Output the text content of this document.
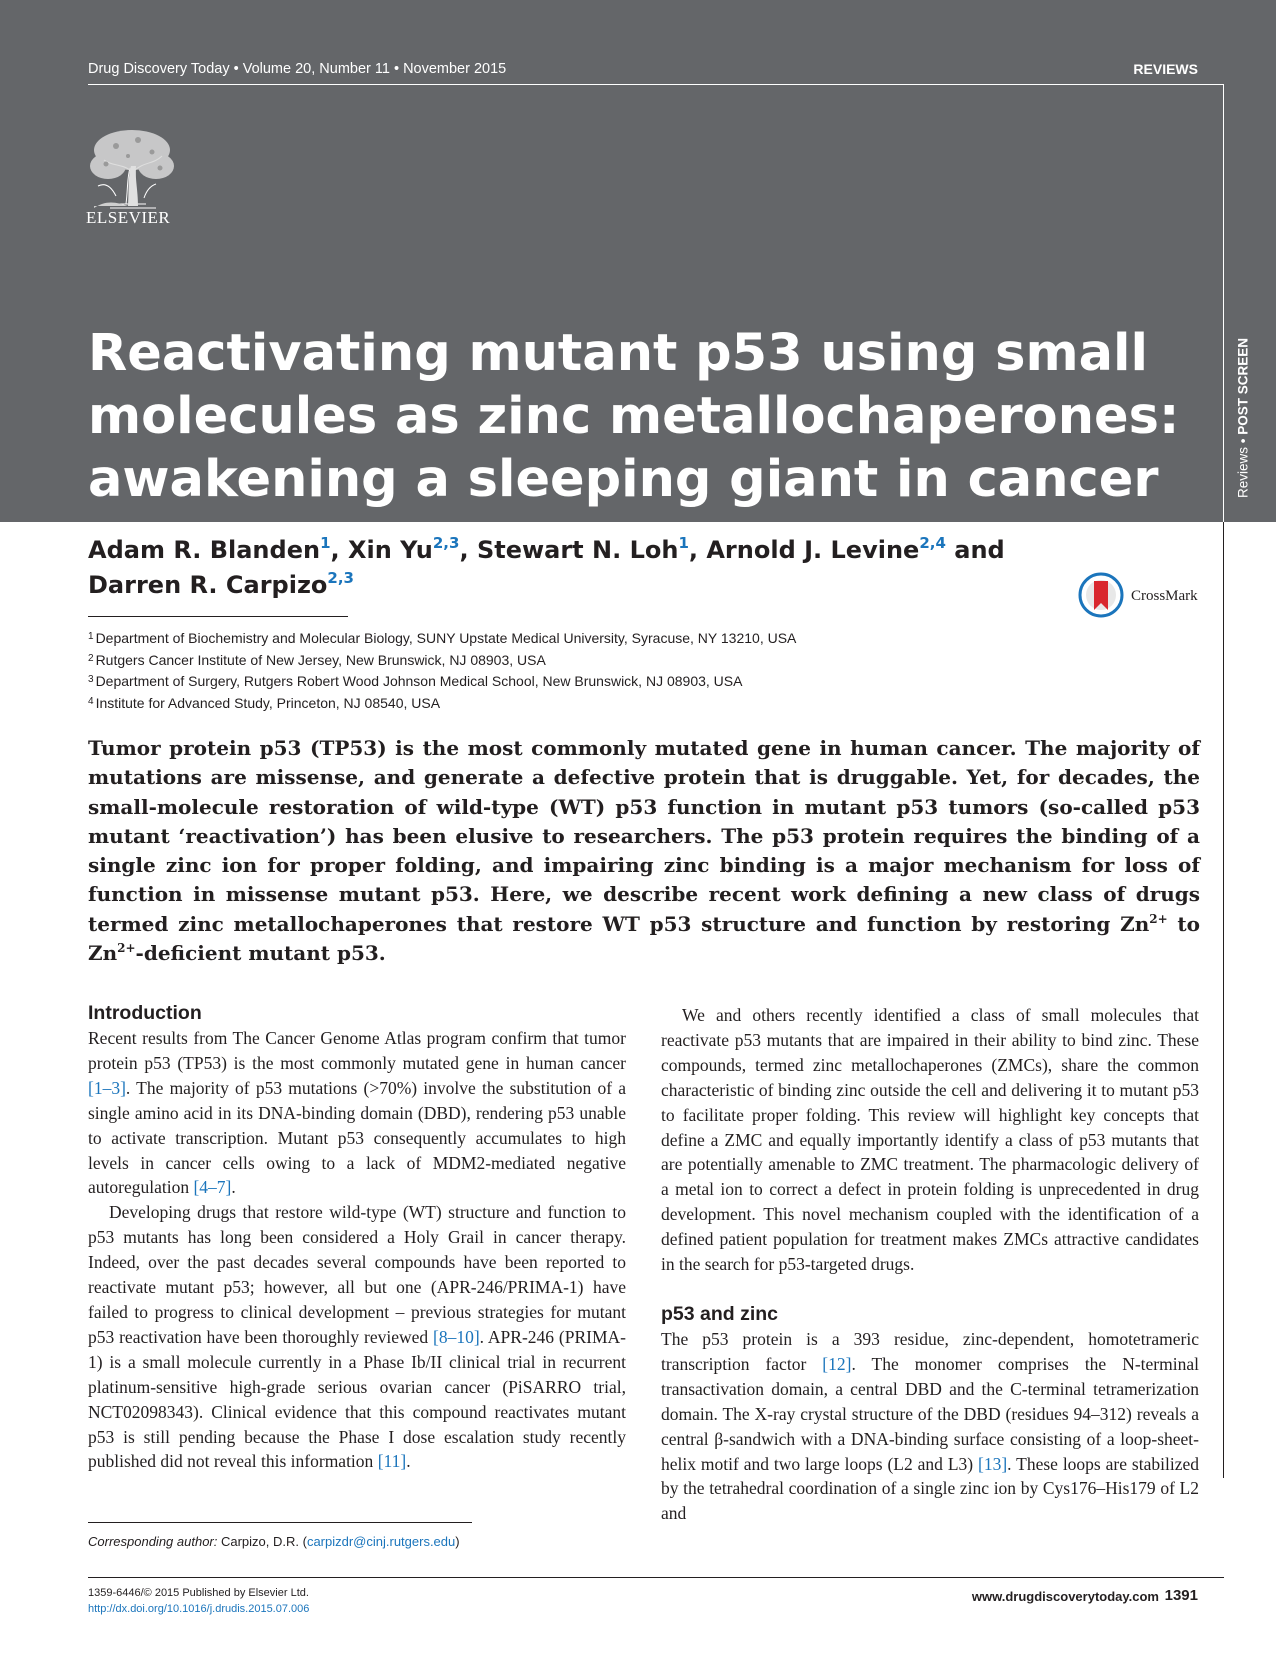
Drug Discovery Today • Volume 20, Number 11 • November 2015	REVIEWS
ELSEVIER
Reviews • POST SCREEN
Reactivating mutant p53 using small molecules as zinc metallochaperones: awakening a sleeping giant in cancer
Adam R. Blanden$^1$, Xin Yu$^{2,3}$, Stewart N. Loh$^1$, Arnold J. Levine$^{2,4}$ and
Darren R. Carpizo$^{2,3}$
CrossMark
$^1$ Department of Biochemistry and Molecular Biology, SUNY Upstate Medical University, Syracuse, NY 13210, USA
$^2$ Rutgers Cancer Institute of New Jersey, New Brunswick, NJ 08903, USA
$^3$ Department of Surgery, Rutgers Robert Wood Johnson Medical School, New Brunswick, NJ 08903, USA
$^4$ Institute for Advanced Study, Princeton, NJ 08540, USA

Tumor protein p53 (TP53) is the most commonly mutated gene in human cancer. The majority of mutations are missense, and generate a defective protein that is druggable. Yet, for decades, the small-molecule restoration of wild-type (WT) p53 function in mutant p53 tumors (so-called p53 mutant ‘reactivation’) has been elusive to researchers. The p53 protein requires the binding of a single zinc ion for proper folding, and impairing zinc binding is a major mechanism for loss of function in missense mutant p53. Here, we describe recent work defining a new class of drugs termed zinc metallochaperones that restore WT p53 structure and function by restoring $Zn^{2+}$ to $Zn^{2+}$-deficient mutant p53.

Introduction

Recent results from The Cancer Genome Atlas program confirm that tumor protein p53 (TP53) is the most commonly mutated gene in human cancer [1–3]. The majority of p53 mutations (>70%) involve the substitution of a single amino acid in its DNA-binding domain (DBD), rendering p53 unable to activate transcription. Mutant p53 consequently accumulates to high levels in cancer cells owing to a lack of MDM2-mediated negative autoregulation [4–7].

Developing drugs that restore wild-type (WT) structure and function to p53 mutants has long been considered a Holy Grail in cancer therapy. Indeed, over the past decades several compounds have been reported to reactivate mutant p53; however, all but one (APR-246/PRIMA-1) have failed to progress to clinical development – previous strategies for mutant p53 reactivation have been thoroughly reviewed [8–10]. APR-246 (PRIMA-1) is a small molecule currently in a Phase Ib/II clinical trial in recurrent platinum-sensitive high-grade serious ovarian cancer (PiSARRO trial, NCT02098343). Clinical evidence that this compound reactivates mutant p53 is still pending because the Phase I dose escalation study recently published did not reveal this information [11].

We and others recently identified a class of small molecules that reactivate p53 mutants that are impaired in their ability to bind zinc. These compounds, termed zinc metallochaperones (ZMCs), share the common characteristic of binding zinc outside the cell and delivering it to mutant p53 to facilitate proper folding. This review will highlight key concepts that define a ZMC and equally importantly identify a class of p53 mutants that are potentially amenable to ZMC treatment. The pharmacologic delivery of a metal ion to correct a defect in protein folding is unprecedented in drug development. This novel mechanism coupled with the identification of a defined patient population for treatment makes ZMCs attractive candidates in the search for p53-targeted drugs.

p53 and zinc

The p53 protein is a 393 residue, zinc-dependent, homotetrameric transcription factor [12]. The monomer comprises the N-terminal transactivation domain, a central DBD and the C-terminal tetramerization domain. The X-ray crystal structure of the DBD (residues 94–312) reveals a central β-sandwich with a DNA-binding surface consisting of a loop-sheet-helix motif and two large loops (L2 and L3) [13]. These loops are stabilized by the tetrahedral coordination of a single zinc ion by Cys176–His179 of L2 and

Corresponding author: Carpizo, D.R. (carpizdr@cinj.rutgers.edu)
1359-6446/© 2015 Published by Elsevier Ltd.
http://dx.doi.org/10.1016/j.drudis.2015.07.006
www.drugdiscoverytoday.com 1391
